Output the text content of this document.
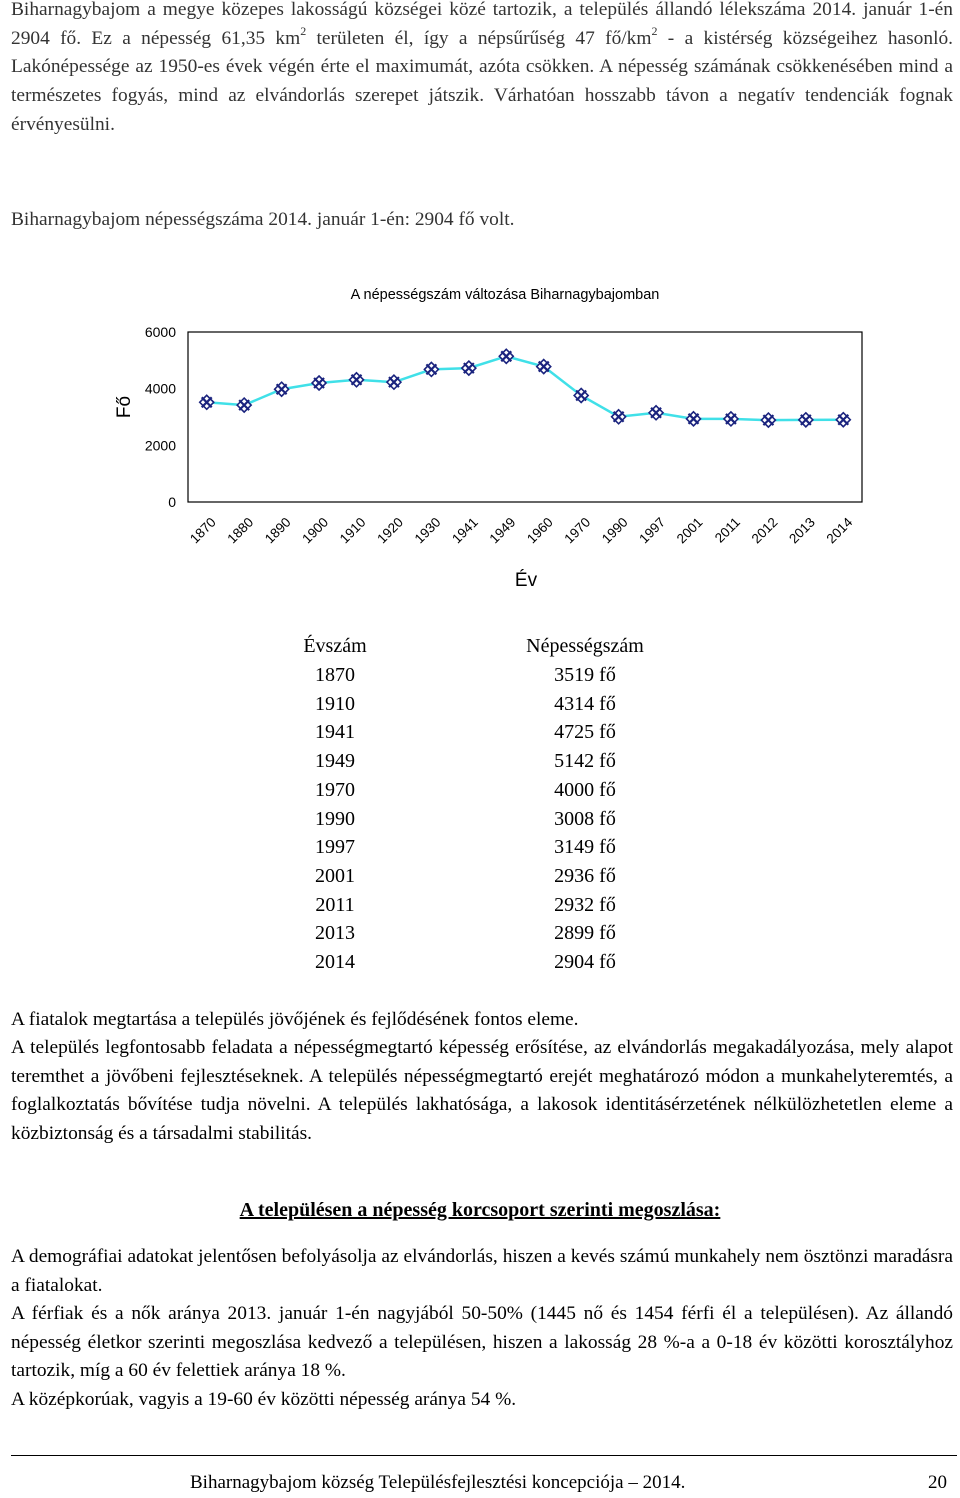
Biharnagybajom a megye közepes lakosságú községei közé tartozik, a település állandó lélekszáma 2014. január 1-én 2904 fő. Ez a népesség 61,35 $km^2$ területen él, így a népsűrűség 47 $fő/km^2$ - a kistérség községeihez hasonló. Lakónépessége az 1950-es évek végén érte el maximumát, azóta csökken. A népesség számának csökkenésében mind a természetes fogyás, mind az elvándorlás szerepet játszik. Várhatóan hosszabb távon a negatív tendenciák fognak érvényesülni.

Biharnagybajom népességszáma 2014. január 1-én: 2904 fő volt.

A népességszám változása Biharnagybajomban
0
2000
4000
6000
Fő
1870 1880 1890 1900 1910 1920 1930 1941 1949 1960 1970 1990 1997 2001 2011 2012 2013 2014
Év
Évszám	Népességszám
1870	3519 fő
1910	4314 fő
1941	4725 fő
1949	5142 fő
1970	4000 fő
1990	3008 fő
1997	3149 fő
2001	2936 fő
2011	2932 fő
2013	2899 fő
2014	2904 fő

A fiatalok megtartása a település jövőjének és fejlődésének fontos eleme.

A település legfontosabb feladata a népességmegtartó képesség erősítése, az elvándorlás megakadályozása, mely alapot teremthet a jövőbeni fejlesztéseknek. A település népességmegtartó erejét meghatározó módon a munkahelyteremtés, a foglalkoztatás bővítése tudja növelni. A település lakhatósága, a lakosok identitásérzetének nélkülözhetetlen eleme a közbiztonság és a társadalmi stabilitás.

A településen a népesség korcsoport szerinti megoszlása:

A demográfiai adatokat jelentősen befolyásolja az elvándorlás, hiszen a kevés számú munkahely nem ösztönzi maradásra a fiatalokat.

A férfiak és a nők aránya 2013. január 1-én nagyjából 50-50% (1445 nő és 1454 férfi él a településen). Az állandó népesség életkor szerinti megoszlása kedvező a településen, hiszen a lakosság 28 %-a a 0-18 év közötti korosztályhoz tartozik, míg a 60 év felettiek aránya 18 %.

A középkorúak, vagyis a 19-60 év közötti népesség aránya 54 %.

Biharnagybajom község Településfejlesztési koncepciója – 2014.	20
